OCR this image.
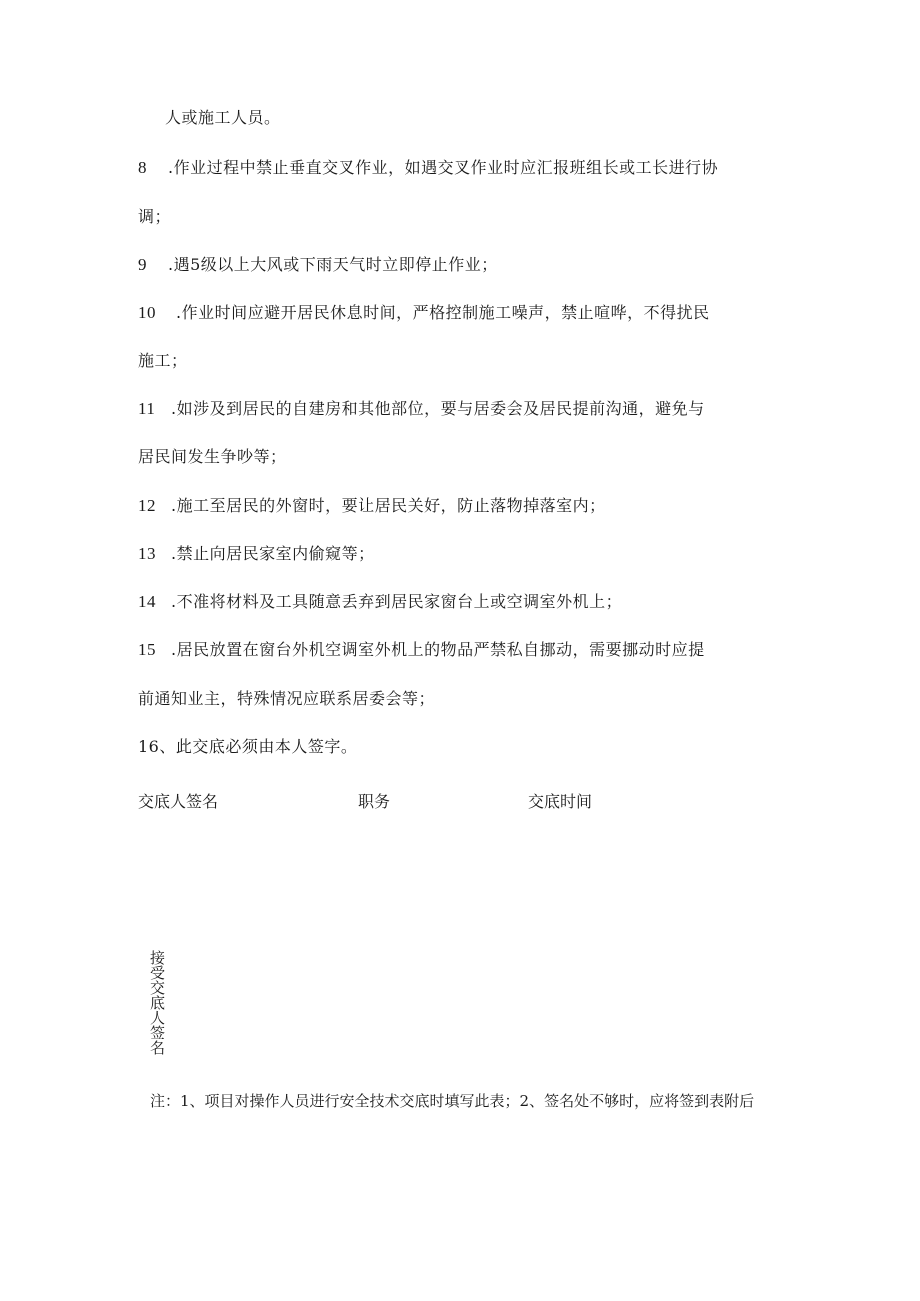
人或施工人员。
8 .作业过程中禁止垂直交叉作业，如遇交叉作业时应汇报班组长或工长进行协
调；
9 .遇5级以上大风或下雨天气时立即停止作业；
10 .作业时间应避开居民休息时间，严格控制施工噪声，禁止喧哗，不得扰民
施工；
11 .如涉及到居民的自建房和其他部位，要与居委会及居民提前沟通，避免与
居民间发生争吵等；
12 .施工至居民的外窗时，要让居民关好，防止落物掉落室内；
13 .禁止向居民家室内偷窥等；
14 .不准将材料及工具随意丢弃到居民家窗台上或空调室外机上；
15 .居民放置在窗台外机空调室外机上的物品严禁私自挪动，需要挪动时应提
前通知业主，特殊情况应联系居委会等；
16、此交底必须由本人签字。
交底人签名	职务	交底时间
接受交底人签名
注：1、项目对操作人员进行安全技术交底时填写此表；2、签名处不够时，应将签到表附后
